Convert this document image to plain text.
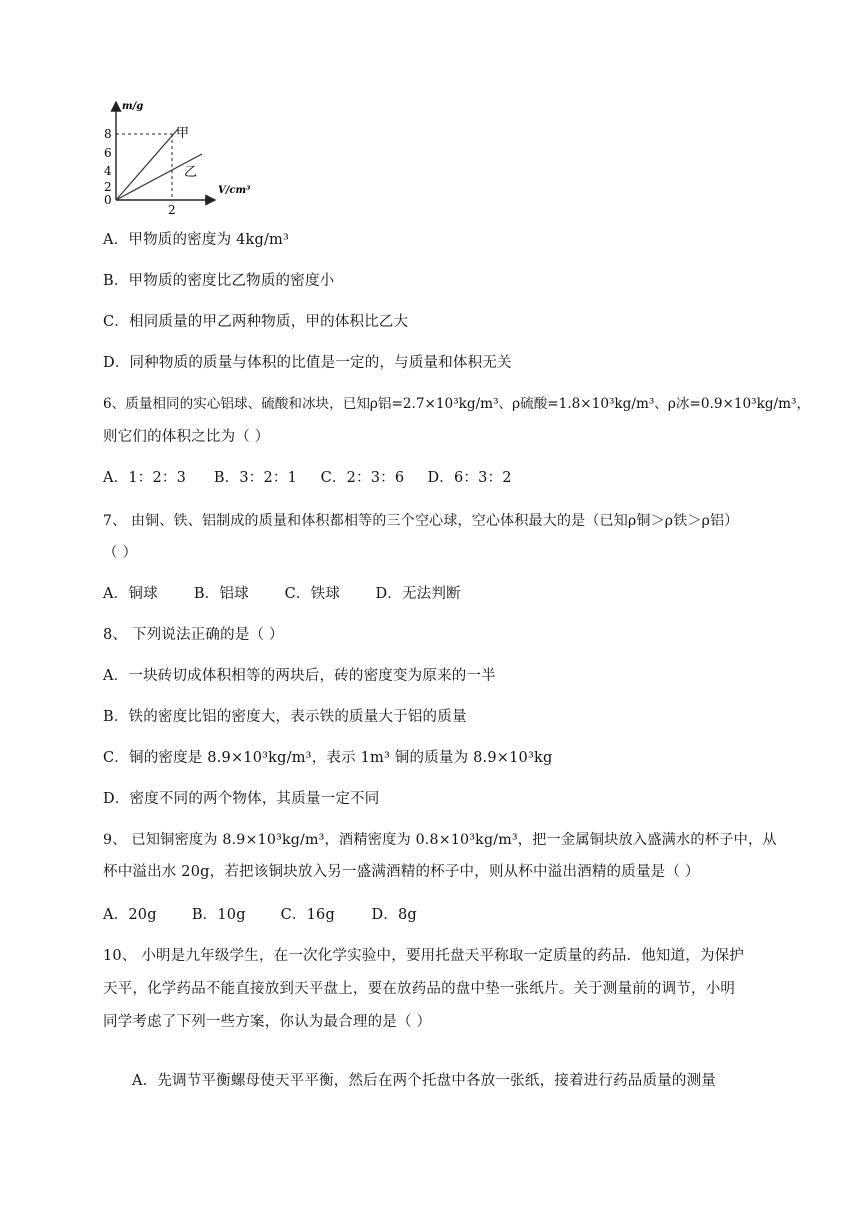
m/g
V/cm³
8
6
4
2
0
2
甲
乙
A．甲物质的密度为 4kg/m³
B．甲物质的密度比乙物质的密度小
C．相同质量的甲乙两种物质，甲的体积比乙大
D．同种物质的质量与体积的比值是一定的，与质量和体积无关
6、质量相同的实心铝球、硫酸和冰块，已知ρ铝=2.7×10³kg/m³、ρ硫酸=1.8×10³kg/m³、ρ冰=0.9×10³kg/m³，
则它们的体积之比为（ ）
A．1：2：3 B．3：2：1 C．2：3：6 D．6：3：2
7、 由铜、铁、铝制成的质量和体积都相等的三个空心球，空心体积最大的是（已知ρ铜＞ρ铁＞ρ铝）
（ ）
A．铜球 B．铝球 C．铁球 D．无法判断
8、 下列说法正确的是（ ）
A．一块砖切成体积相等的两块后，砖的密度变为原来的一半
B．铁的密度比铝的密度大，表示铁的质量大于铝的质量
C．铜的密度是 8.9×10³kg/m³，表示 1m³ 铜的质量为 8.9×10³kg
D．密度不同的两个物体，其质量一定不同
9、 已知铜密度为 8.9×10³kg/m³，酒精密度为 0.8×10³kg/m³，把一金属铜块放入盛满水的杯子中，从
杯中溢出水 20g，若把该铜块放入另一盛满酒精的杯子中，则从杯中溢出酒精的质量是（ ）
A．20g B．10g C．16g	D．8g
10、 小明是九年级学生，在一次化学实验中，要用托盘天平称取一定质量的药品．他知道，为保护
天平，化学药品不能直接放到天平盘上，要在放药品的盘中垫一张纸片。关于测量前的调节，小明
同学考虑了下列一些方案，你认为最合理的是（ ）
A．先调节平衡螺母使天平平衡，然后在两个托盘中各放一张纸，接着进行药品质量的测量
